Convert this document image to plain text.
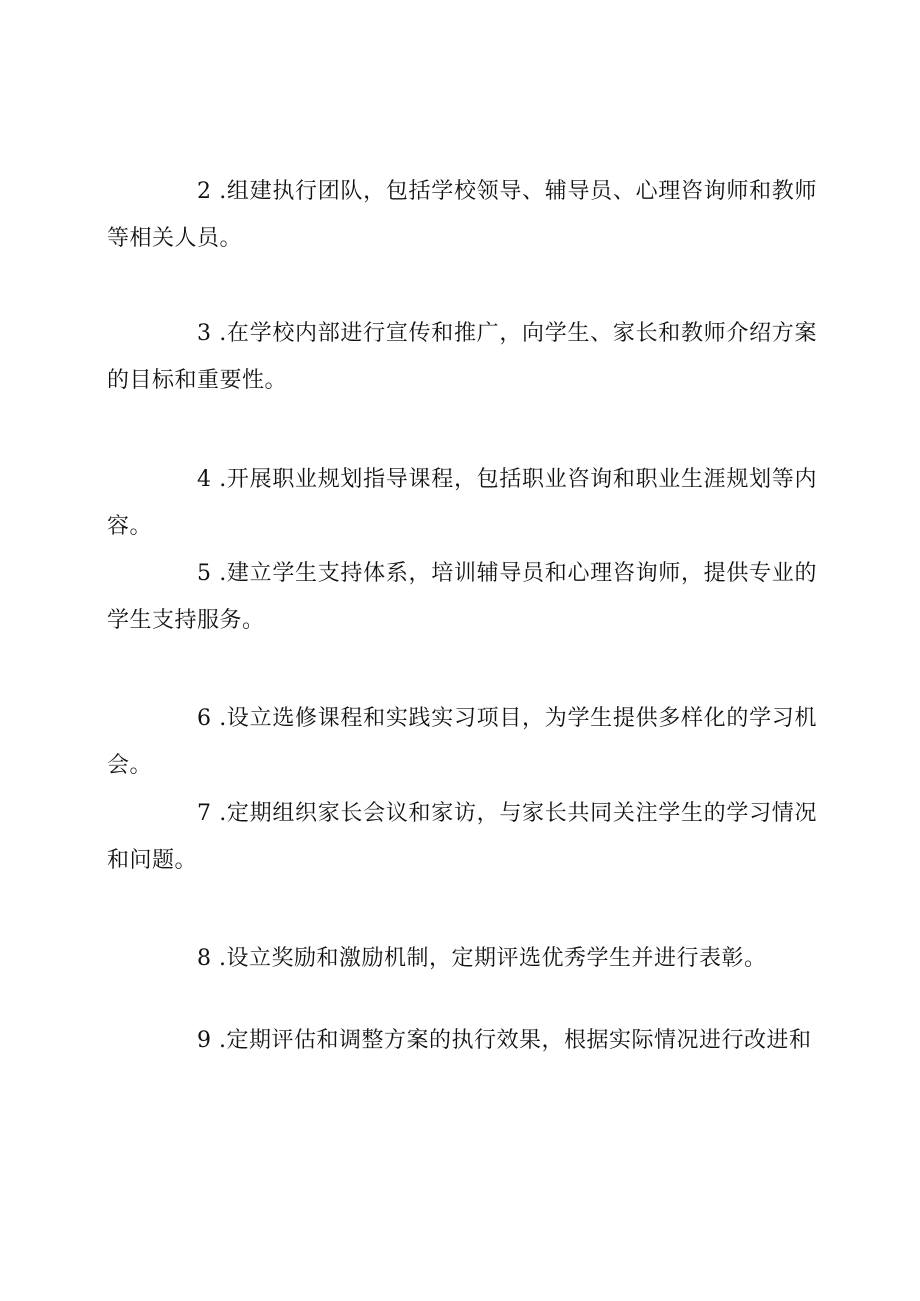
2 .组建执行团队，包括学校领导、辅导员、心理咨询师和教师等相关人员。

3 .在学校内部进行宣传和推广，向学生、家长和教师介绍方案的目标和重要性。

4 .开展职业规划指导课程，包括职业咨询和职业生涯规划等内容。

5 .建立学生支持体系，培训辅导员和心理咨询师，提供专业的学生支持服务。

6 .设立选修课程和实践实习项目，为学生提供多样化的学习机会。

7 .定期组织家长会议和家访，与家长共同关注学生的学习情况和问题。

8 .设立奖励和激励机制，定期评选优秀学生并进行表彰。

9 .定期评估和调整方案的执行效果，根据实际情况进行改进和
